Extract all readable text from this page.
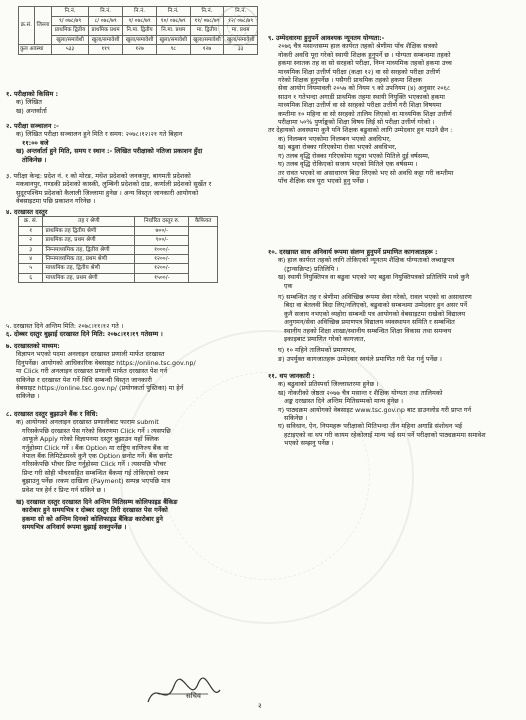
क्र.सं.	जिल्ला	नि.नं.	नि.नं.	नि.नं.	नि.नं.	नि.नं.	नि.नं.
		९/ ०७८/७९	८/ ०७८/७९	९/ ०७८/७९	१०/ ०७८/७९	११/ ०७८/७९	१२/ ०७८/७९
		प्राथमिक द्वितीय	प्राथमिक प्रथम	नि.मा. द्वितीय	नि.मा. प्रथम	मा. द्वितीय	मा. प्रथम
		खुला/समावेशी	खुला/समावेशी	खुला/समावेशी	खुला/समावेशी	खुला/समावेशी	खुला/समावेशी
कुल अवस्था		५३३	११९	१२७	९८	१२७	३३
१. परीक्षाको किसिम :
क) लिखित
ख) अन्तर्वार्ता
२. परीक्षा सञ्चालन :-
क) लिखित परीक्षा सञ्चालन हुने मिति र समय: २०७८।१२।२१ गते बिहान
११:०० बजे
ख) अन्तर्वार्ता हुने मिति, समय र स्थान :- लिखित परीक्षाको नतिजा प्रकाशन हुँदा
तोकिनेछ ।
३. परीक्षा केन्द्र: प्रदेश नं. १ को मोरङ, मधेश प्रदेशको जनकपुर, बागमती प्रदेशको
मकवानपुर, गण्डकी प्रदेशको कास्की, लुम्बिनी प्रदेशको दाङ, कर्णाली प्रदेशको सुर्खेत र
सुदूरपश्चिम प्रदेशको कैलाली जिल्लामा हुनेछ । अन्य विस्तृत जानकारी आयोगको
वेबसाइटमा पछि प्रकाशन गरिनेछ ।
४. दरखास्त दस्तुर
क्र. सं.	तह र श्रेणी	निर्धारित दस्तुर रु.	कैफियत
१	प्राथमिक तह द्वितीय श्रेणी	७००/-	
२	प्राथमिक तह, प्रथम श्रेणी	९००/-	
३	निम्नमाध्यमिक तह, द्वितीय श्रेणी	१०००/-	
४	निम्नमाध्यमिक तह, प्रथम श्रेणी	१२००/-	
५	माध्यमिक तह, द्वितीय श्रेणी	१२००/-	
६	माध्यमिक तह, प्रथम श्रेणी	१५००/-	
५. दरखास्त दिने अन्तिम मिति: २०७८।११।१२ गते ।
६. दोब्बर दस्तुर बुझाई दरखास्त दिने मिति: २०७८।११।१९ गतेसम्म ।
७. दरखास्तको माध्यम:
विज्ञापन भएको पदमा अनलाइन दरखास्त प्रणाली मार्फत दरखास्त
दिनुपर्नेछ। आयोगको आधिकारिक वेबसाइट https://online.tsc.gov.np/
मा Click गरी अनलाइन दरखास्त प्रणाली मार्फत दरखास्त पेश गर्न
सकिनेछ र दरखास्त पेश गर्ने विधि सम्बन्धी विस्तृत जानकारी
वेबसाइट https://online.tsc.gov.np/ (प्रयोगकर्ता पुस्तिका) मा हेर्न
सकिनेछ ।
८. दरखास्त दस्तुर बुझाउने बैंक र विधि:
क) आयोगको अनलाइन दरखास्त प्रणालीबाट फाराम submit
गरिसकेपछि दरखास्त पेस गरेको विवरणमा Click गर्ने । त्यसपछि
आफूले Apply गरेको विज्ञापनमा दस्तुर बुझाउन यहाँ क्लिक
गर्नुहोस्मा Click गर्ने । बैंक Option मा राष्ट्रिय वाणिज्य बैंक वा
नेपाल बैंक लिमिटेडमध्ये कुनै एक Option छनोट गर्ने। बैंक छनोट
गरिसकेपछि भौचर प्रिन्ट गर्नुहोस्मा Click गर्ने । त्यसपछि भौचर
प्रिन्ट गरी सोही भौचरसहित सम्बन्धित बैंकमा गई तोकिएको रकम
बुझाउनु पर्नेछ ।रकम दाखिला (Payment) सम्पन्न भएपछि मात्र
प्रवेश पत्र हेर्न र प्रिन्ट गर्न सकिने छ ।
ख) दरखास्त दस्तुर दरखास्त दिने अन्तिम मितिसम्म कोलिफाइड बैंकिङ
कारोबार हुने समयभित्र र दोब्बर दस्तुर तिरी दरखास्त पेस गर्नेको
हकमा सो को अन्तिम दिनको कोलिफाइड बैंकिङ कारोबार हुने
समयभित्र अनिवार्य रूपमा बुझाई सक्नुपर्नेछ ।
९. उम्मेदवारमा हुनुपर्ने आवश्यक न्यूनतम योग्यता:-
२०७६ चैत्र मसान्तसम्म हाल कार्यरत तहको श्रेणीमा पाँच शैक्षिक सत्रको
नोकरी अवधि पूरा गरेको स्थायी शिक्षक हुनुपर्ने छ । योग्यता सम्बन्धमा तहको
हकमा स्नातक तह वा सो सरहको परीक्षा, निम्न माध्यमिक तहको हकमा उच्च
माध्यमिक शिक्षा उत्तीर्ण परीक्षा (कक्षा १२) वा सो सरहको परीक्षा उत्तीर्ण
गरेको शिक्षक हुनुपर्नेछ । यसैगरी प्राथमिक तहको हकमा शिक्षक
सेवा आयोग नियमावली २०५७ को नियम ९ को उपनियम (४) अनुसार २०६८
साउन १ गतेभन्दा अगाडी प्राथमिक तहमा स्थायी नियुक्ति भएकाको हकमा
माध्यमिक शिक्षा उत्तीर्ण वा सो सरहको परीक्षा उत्तीर्ण गरी शिक्षा विषयमा
कम्तीमा १० महिना वा सो सरहको तालिम लिएको वा माध्यमिक शिक्षा उत्तीर्ण
परीक्षामा ५०% पुर्णाङ्कको शिक्षा विषय लिई सो परीक्षा उत्तीर्ण गरेको ।
तर देहायको अवस्थामा कुनै पनि शिक्षक बढुवाको लागि उम्मेदवार हुन पाउने छैन :
क) निलम्बन भएकोमा निलम्बन भएको अवधिभर,
ख) बढुवा रोक्का गरिएकोमा रोका भएको अवधिभर,
ग) तलब वृद्धि रोक्का गरिएकोमा घटुवा भएको मितिले दुई वर्षसम्म,
घ) तलब वृद्धि रोकिएको सजाय भएको मितिले एक वर्षसम्म ।
तर रावत भएको वा असाधारण बिदा लिएको भए सो अवधि कट्टा गरी कम्तीमा
पाँच शैक्षिक सत्र पूरा भएको हुनु पर्नेछ ।
१०. दरखास्त साथ अनिवार्य रूपमा संलग्न हुनुपर्ने प्रमाणित कागजातहरू :
क) हाल कार्यरत तहको लागि तोकिएको न्यूनतम शैक्षिक योग्यताको लब्धाङ्कपत्र
(ट्रान्सक्रिप्ट) प्रतिलिपि ।
ख) स्थायी नियुक्तिपत्र वा बढुवा भएको भए बढुवा नियुक्तिपत्रको प्रतिलिपि मध्ये कुनै
एक
ग) सम्बन्धित तह र श्रेणीमा अविच्छिन्न रूपमा सेवा गरेको, रावल भएको वा असाधारण
बिदा वा बेतलवी बिदा लिए/नलिएको, बढुवाको सम्बन्धमा उम्मेदवार हुन असर पर्ने
कुनै सजाय नभएको व्यहोरा सम्बन्धी पत्र आयोगको वेबसाइटमा राखेको विद्यालय
अनुगमन/सेवा अविच्छिन्न प्रमाणपत्र विद्यालय व्यवस्थापन समिति र सम्बन्धित
स्थानीय तहको शिक्षा शाखा/स्थानीय सम्बन्धित शिक्षा विकास तथा समन्वय
इकाइबाट प्रमाणित गरेको कागजात,
घ) १० महिने तालिमको प्रमाणपत्र,
ङ) उपर्युक्त कागजातहरू उम्मेदवार स्वयंले प्रमाणित गरी पेश गर्नु पर्नेछ ।
११. थप जानकारी :
क) बढुवाको प्रतिस्पर्धा जिल्लास्तरमा हुनेछ ।
ख) नोकरीको जेष्ठता २०७७ चैत्र मसान्त र शैक्षिक योग्यता तथा तालिमको
अङ्क दरखास्त दिने अन्तिम मितिसम्मको मान्य हुनेछ ।
ग) पाठ्यक्रम आयोगको वेबसाइट www.tsc.gov.np बाट डाउनलोड गरी प्राप्त गर्न
सकिनेछ ।
घ) सविधान, ऐन, नियमहरू परीक्षाको मितिभन्दा तीन महिना अगाडि संशोधन भई
हटाइएको वा थप गरी कायम रहेकोलाई मान्य भई सम पर्ने परीक्षाको पाठ्यक्रममा समावेश
भएको सम्झनु पर्नेछ ।
सचिव
२
